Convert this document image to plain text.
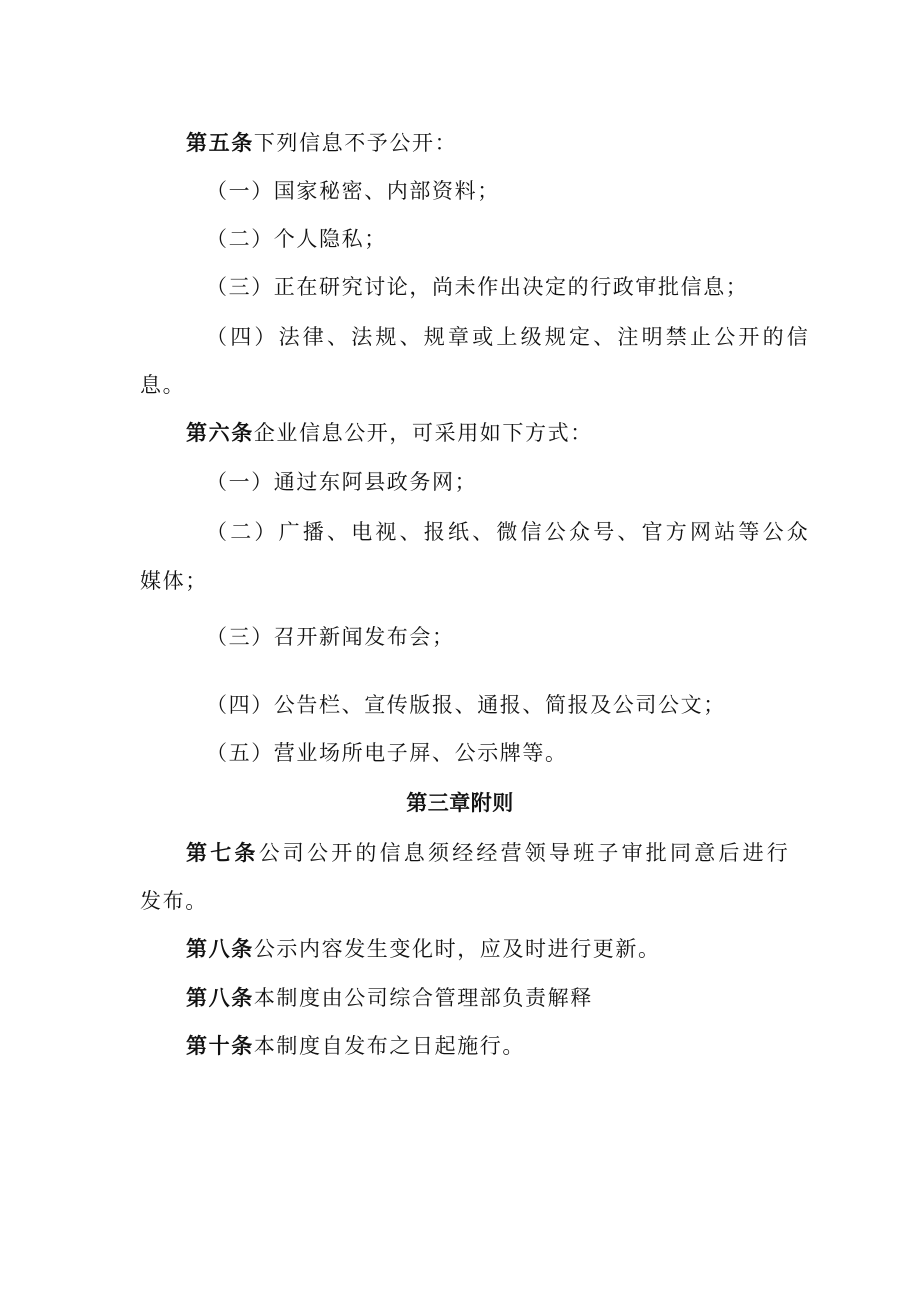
第五条下列信息不予公开：
（一）国家秘密、内部资料；
（二）个人隐私；
（三）正在研究讨论，尚未作出决定的行政审批信息；
（四）法律、法规、规章或上级规定、注明禁止公开的信
息。
第六条企业信息公开，可采用如下方式：
（一）通过东阿县政务网；
（二）广播、电视、报纸、微信公众号、官方网站等公众
媒体；
（三）召开新闻发布会；
（四）公告栏、宣传版报、通报、简报及公司公文；
（五）营业场所电子屏、公示牌等。
第三章附则
第七条公司公开的信息须经经营领导班子审批同意后进行
发布。
第八条公示内容发生变化时，应及时进行更新。
第八条本制度由公司综合管理部负责解释
第十条本制度自发布之日起施行。
